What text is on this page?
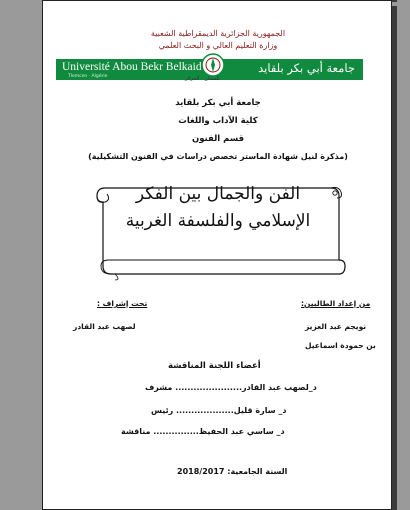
الجمهورية الجزائرية الديمقراطية الشعبية
وزارة التعليم العالي و البحث العلمي
Université Abou Bekr Belkaid
Tlemcen · Algérie
جامعة أبي بكر بلقايد
تلمسان · الجزائر
جامعة أبي بكر بلقايد
كلية الآداب واللغات
قسم الفنون
(مذكرة لنيل شهادة الماستر تخصص دراسات في الفنون التشكيلية)
الفن والجمال بين الفكر
الإسلامي والفلسفة الغربية
من إعداد الطالبين:
تحت إشراف :
نويجم عبد العزيز
لصهب عبد القادر
بن حمودة اسماعيل
أعضاء اللجنة المناقشة
د_لصهب عبد القادر...................... مشرف
د_ سارة قليل................... رئيس
د_ ساسي عبد الحفيظ............... مناقشة
السنة الجامعية: 2018/2017
